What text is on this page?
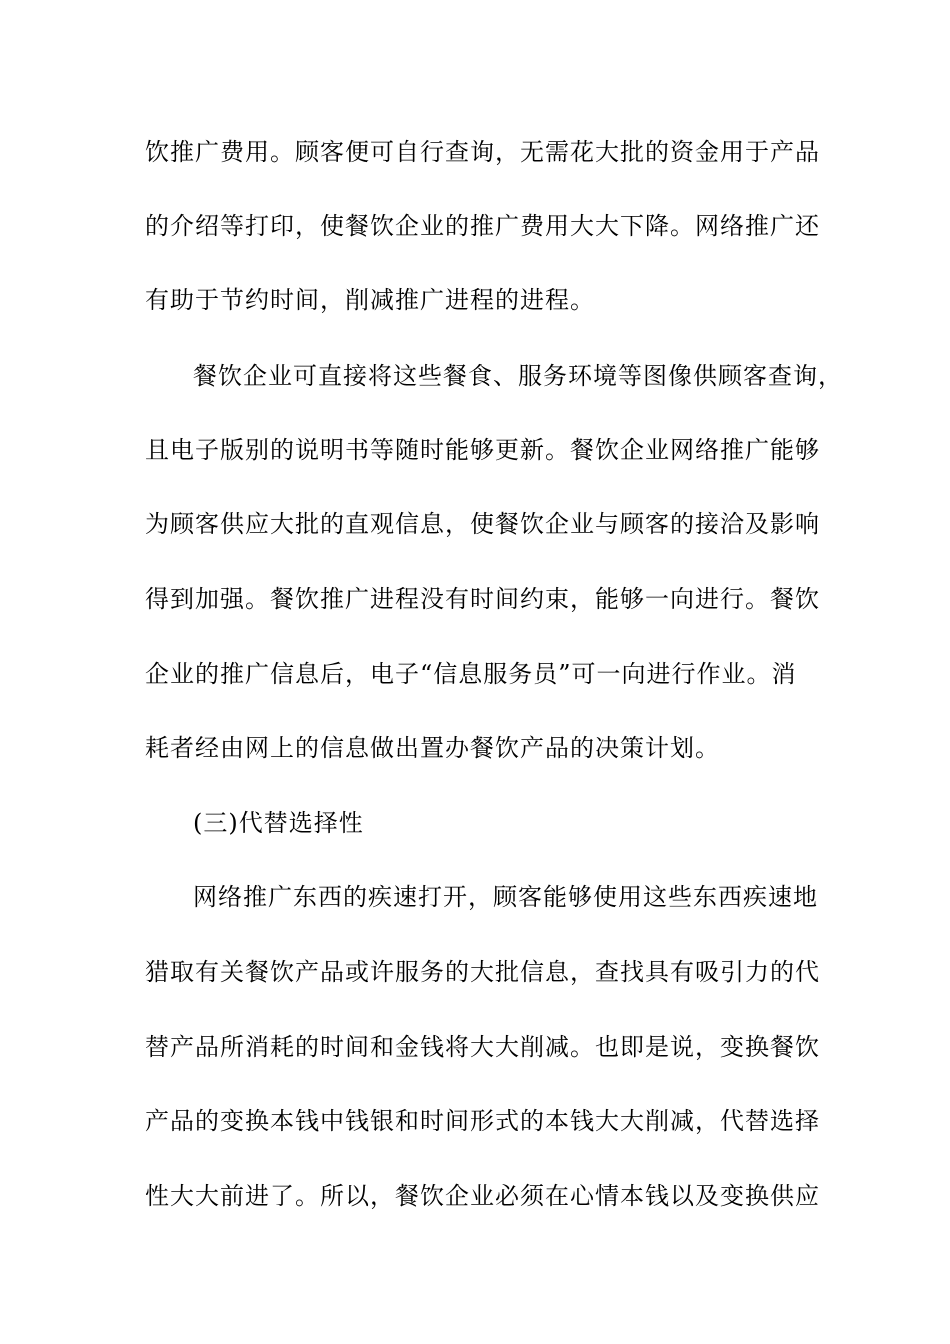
饮推广费用。顾客便可自行查询，无需花大批的资金用于产品
的介绍等打印，使餐饮企业的推广费用大大下降。网络推广还
有助于节约时间，削减推广进程的进程。
餐饮企业可直接将这些餐食、服务环境等图像供顾客查询，
且电子版别的说明书等随时能够更新。餐饮企业网络推广能够
为顾客供应大批的直观信息，使餐饮企业与顾客的接洽及影响
得到加强。餐饮推广进程没有时间约束，能够一向进行。餐饮
企业的推广信息后，电子“信息服务员”可一向进行作业。消
耗者经由网上的信息做出置办餐饮产品的决策计划。
(三)代替选择性
网络推广东西的疾速打开，顾客能够使用这些东西疾速地
猎取有关餐饮产品或许服务的大批信息，查找具有吸引力的代
替产品所消耗的时间和金钱将大大削减。也即是说，变换餐饮
产品的变换本钱中钱银和时间形式的本钱大大削减，代替选择
性大大前进了。所以，餐饮企业必须在心情本钱以及变换供应
